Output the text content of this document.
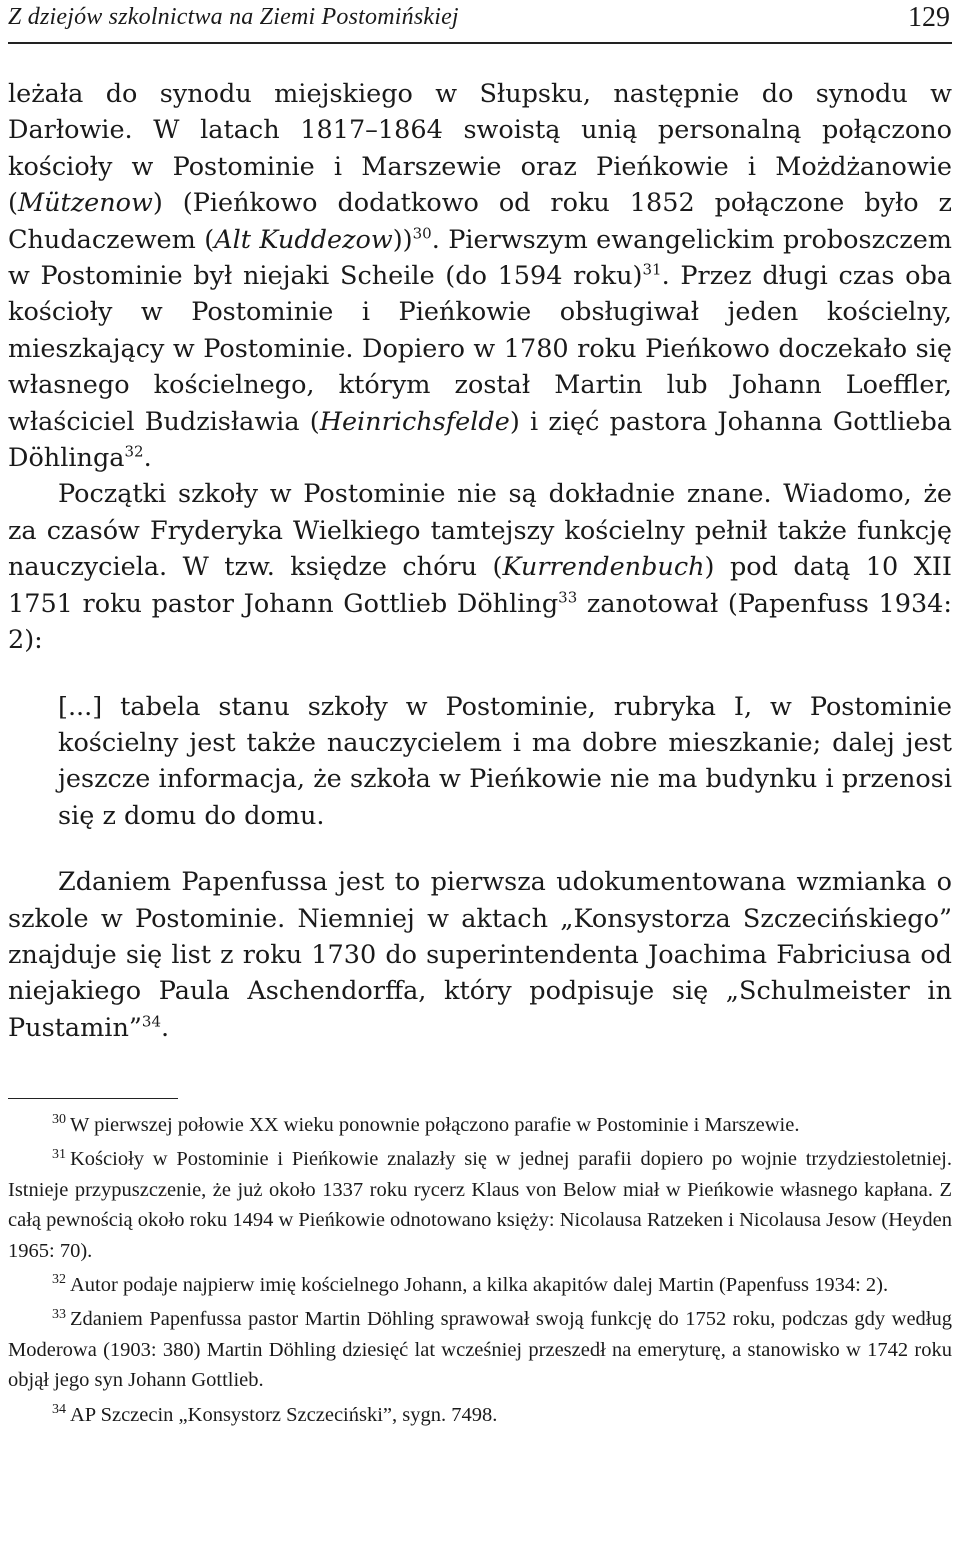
Z dziejów szkolnictwa na Ziemi Postomińskiej	129

leżała do synodu miejskiego w Słupsku, następnie do synodu w Darłowie. W latach 1817–1864 swoistą unią personalną połączono kościoły w Postominie i Marszewie oraz Pieńkowie i Możdżanowie (Mützenow) (Pieńkowo dodatkowo od roku 1852 połączone było z Chudaczewem (Alt Kuddezow))$^{30}$. Pierwszym ewangelickim proboszczem w Postominie był niejaki Scheile (do 1594 roku)$^{31}$. Przez długi czas oba kościoły w Postominie i Pieńkowie obsługiwał jeden kościelny, mieszkający w Postominie. Dopiero w 1780 roku Pieńkowo doczekało się własnego kościelnego, którym został Martin lub Johann Loeffler, właściciel Budzisławia (Heinrichsfelde) i zięć pastora Johanna Gottlieba Döhlinga$^{32}$.

Początki szkoły w Postominie nie są dokładnie znane. Wiadomo, że za czasów Fryderyka Wielkiego tamtejszy kościelny pełnił także funkcję nauczyciela. W tzw. księdze chóru (Kurrendenbuch) pod datą 10 XII 1751 roku pastor Johann Gottlieb Döhling$^{33}$ zanotował (Papenfuss 1934: 2):

[...] tabela stanu szkoły w Postominie, rubryka I, w Postominie kościelny jest także nauczycielem i ma dobre mieszkanie; dalej jest jeszcze informacja, że szkoła w Pieńkowie nie ma budynku i przenosi się z domu do domu.

Zdaniem Papenfussa jest to pierwsza udokumentowana wzmianka o szkole w Postominie. Niemniej w aktach „Konsystorza Szczecińskiego” znajduje się list z roku 1730 do superintendenta Joachima Fabriciusa od niejakiego Paula Aschendorffa, który podpisuje się „Schulmeister in Pustamin”$^{34}$.

$^{30}$ W pierwszej połowie XX wieku ponownie połączono parafie w Postominie i Marszewie.

$^{31}$ Kościoły w Postominie i Pieńkowie znalazły się w jednej parafii dopiero po wojnie trzydziestoletniej. Istnieje przypuszczenie, że już około 1337 roku rycerz Klaus von Below miał w Pieńkowie własnego kapłana. Z całą pewnością około roku 1494 w Pieńkowie odnotowano księży: Nicolausa Ratzeken i Nicolausa Jesow (Heyden 1965: 70).

$^{32}$ Autor podaje najpierw imię kościelnego Johann, a kilka akapitów dalej Martin (Papenfuss 1934: 2).

$^{33}$ Zdaniem Papenfussa pastor Martin Döhling sprawował swoją funkcję do 1752 roku, podczas gdy według Moderowa (1903: 380) Martin Döhling dziesięć lat wcześniej przeszedł na emeryturę, a stanowisko w 1742 roku objął jego syn Johann Gottlieb.

$^{34}$ AP Szczecin „Konsystorz Szczeciński”, sygn. 7498.
